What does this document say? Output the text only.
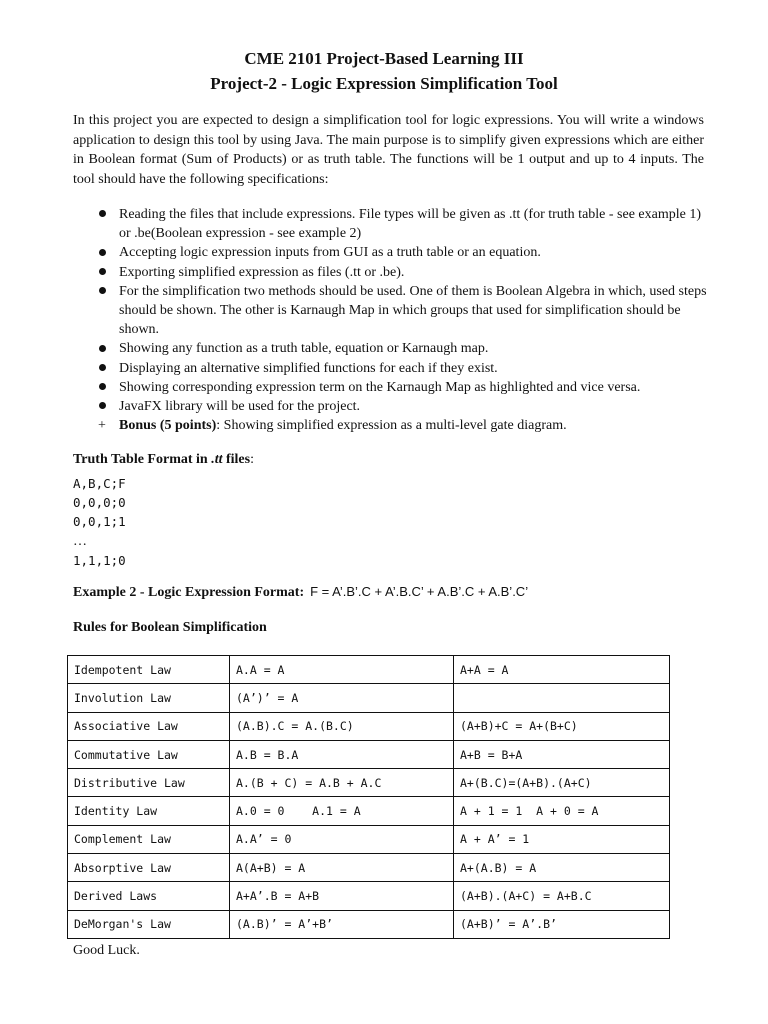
CME 2101 Project-Based Learning III
Project-2 - Logic Expression Simplification Tool

In this project you are expected to design a simplification tool for logic expressions. You will write a windows application to design this tool by using Java. The main purpose is to simplify given expressions which are either in Boolean format (Sum of Products) or as truth table. The functions will be 1 output and up to 4 inputs. The tool should have the following specifications:

Reading the files that include expressions. File types will be given as .tt (for truth table - see example 1) or .be(Boolean expression - see example 2)
Accepting logic expression inputs from GUI as a truth table or an equation.
Exporting simplified expression as files (.tt or .be).
For the simplification two methods should be used. One of them is Boolean Algebra in which, used steps should be shown. The other is Karnaugh Map in which groups that used for simplification should be shown.
Showing any function as a truth table, equation or Karnaugh map.
Displaying an alternative simplified functions for each if they exist.
Showing corresponding expression term on the Karnaugh Map as highlighted and vice versa.
JavaFX library will be used for the project.
+ Bonus (5 points): Showing simplified expression as a multi-level gate diagram.
Truth Table Format in .tt files:
A,B,C;F
0,0,0;0
0,0,1;1
…
1,1,1;0
Example 2 - Logic Expression Format: F = A’.B’.C + A’.B.C’ + A.B’.C + A.B’.C’
Rules for Boolean Simplification
Idempotent Law	A.A = A	A+A = A
Involution Law	(A’)’ = A	
Associative Law	(A.B).C = A.(B.C)	(A+B)+C = A+(B+C)
Commutative Law	A.B = B.A	A+B = B+A
Distributive Law	A.(B + C) = A.B + A.C	A+(B.C)=(A+B).(A+C)
Identity Law	A.0 = 0    A.1 = A	A + 1 = 1  A + 0 = A
Complement Law	A.A’ = 0	A + A’ = 1
Absorptive Law	A(A+B) = A	A+(A.B) = A
Derived Laws	A+A’.B = A+B	(A+B).(A+C) = A+B.C
DeMorgan's Law	(A.B)’ = A’+B’	(A+B)’ = A’.B’
Good Luck.
